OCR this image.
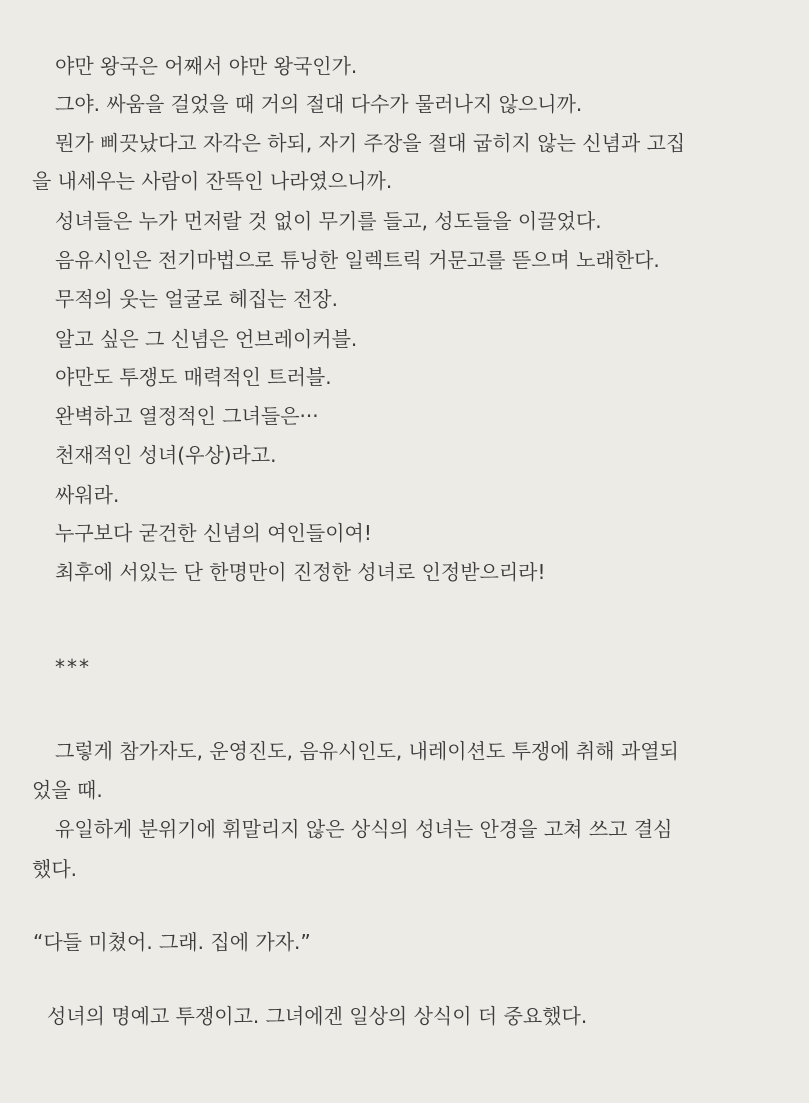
야만 왕국은 어째서 야만 왕국인가.
그야. 싸움을 걸었을 때 거의 절대 다수가 물러나지 않으니까.
뭔가 삐끗났다고 자각은 하되, 자기 주장을 절대 굽히지 않는 신념과 고집
을 내세우는 사람이 잔뜩인 나라였으니까.
성녀들은 누가 먼저랄 것 없이 무기를 들고, 성도들을 이끌었다.
음유시인은 전기마법으로 튜닝한 일렉트릭 거문고를 뜯으며 노래한다.
무적의 웃는 얼굴로 헤집는 전장.
알고 싶은 그 신념은 언브레이커블.
야만도 투쟁도 매력적인 트러블.
완벽하고 열정적인 그녀들은···
천재적인 성녀(우상)라고.
싸워라.
누구보다 굳건한 신념의 여인들이여!
최후에 서있는 단 한명만이 진정한 성녀로 인정받으리라!
***
그렇게 참가자도, 운영진도, 음유시인도, 내레이션도 투쟁에 취해 과열되
었을 때.
유일하게 분위기에 휘말리지 않은 상식의 성녀는 안경을 고쳐 쓰고 결심
했다.
“다들 미쳤어. 그래. 집에 가자.”
성녀의 명예고 투쟁이고. 그녀에겐 일상의 상식이 더 중요했다.
